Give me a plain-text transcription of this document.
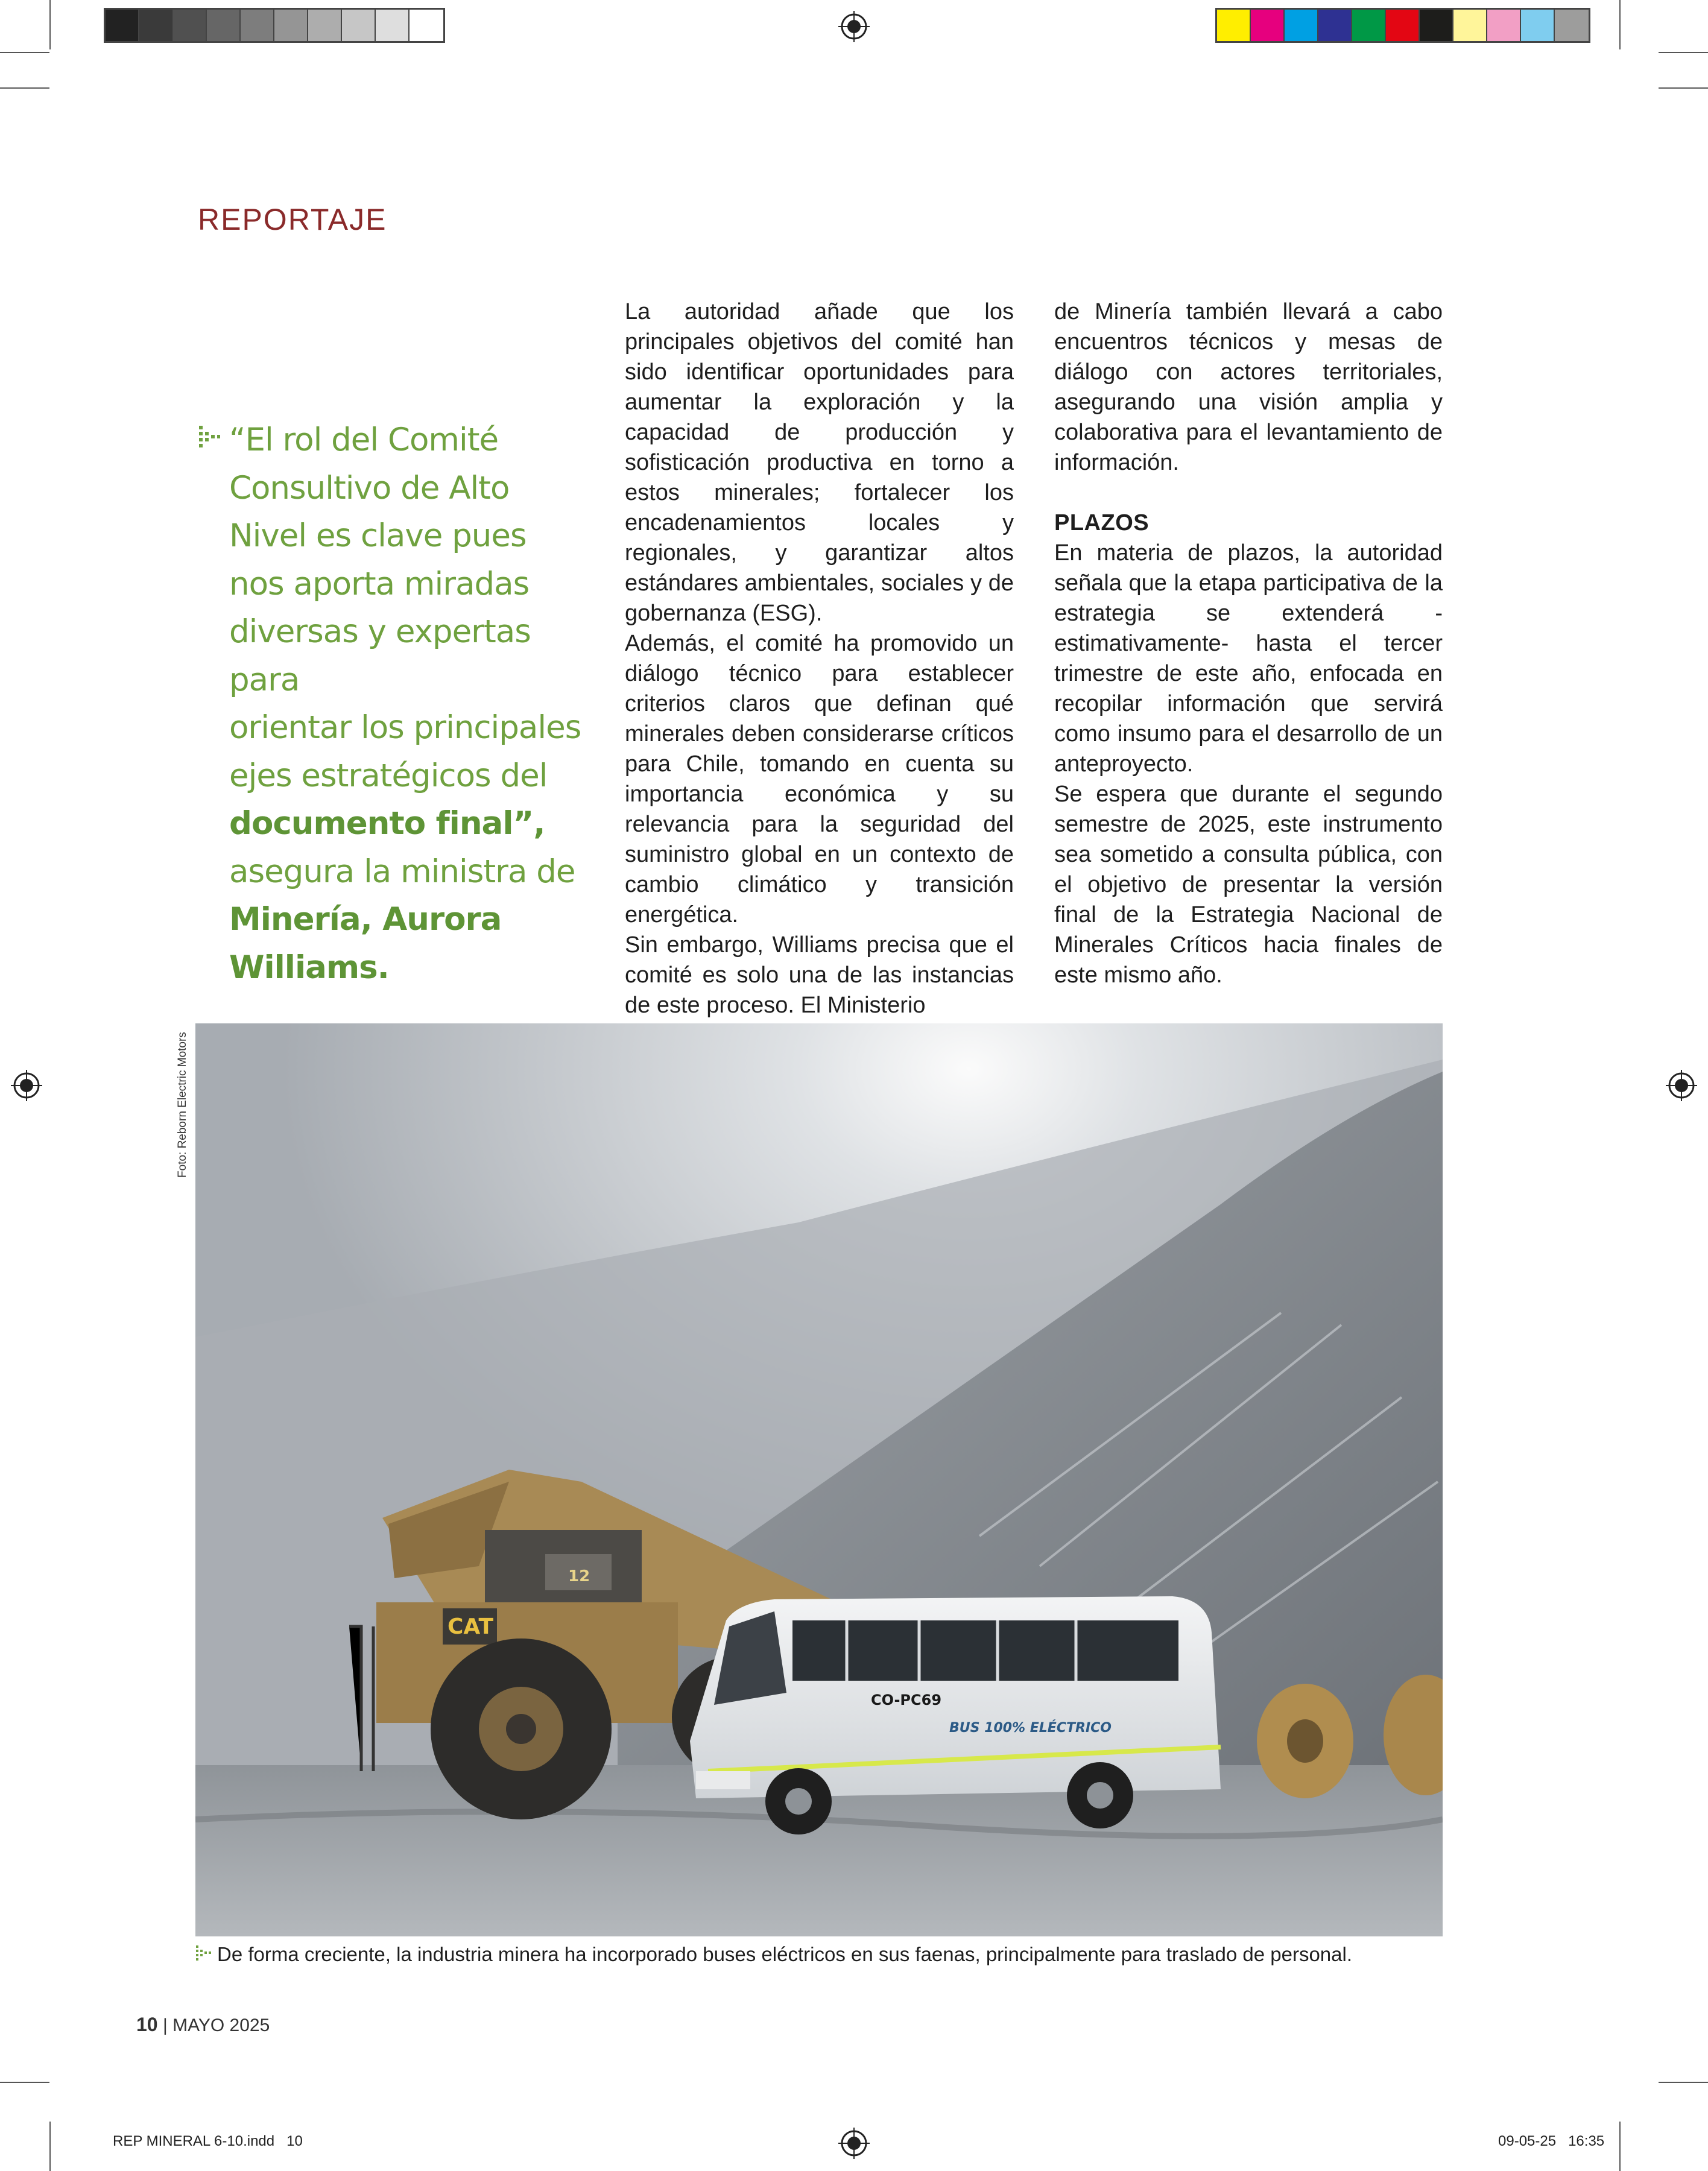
REPORTAJE
“El rol del Comité
Consultivo de Alto
Nivel es clave pues
nos aporta miradas
diversas y expertas para
orientar los principales
ejes estratégicos del
documento final”,
asegura la ministra de
Minería, Aurora Williams.

La autoridad añade que los principales objetivos del comité han sido identificar oportunidades para aumentar la exploración y la capacidad de producción y sofisticación productiva en torno a estos minerales; fortalecer los encadenamientos locales y regionales, y garantizar altos estándares ambientales, sociales y de gobernanza (ESG).

Además, el comité ha promovido un diálogo técnico para establecer criterios claros que definan qué minerales deben considerarse críticos para Chile, tomando en cuenta su importancia económica y su relevancia para la seguridad del suministro global en un contexto de cambio climático y transición energética.

Sin embargo, Williams precisa que el comité es solo una de las instancias de este proceso. El Ministerio

de Minería también llevará a cabo encuentros técnicos y mesas de diálogo con actores territoriales, asegurando una visión amplia y colaborativa para el levantamiento de información.

PLAZOS

En materia de plazos, la autoridad señala que la etapa participativa de la estrategia se extenderá -estimativamente- hasta el tercer trimestre de este año, enfocada en recopilar información que servirá como insumo para el desarrollo de un anteproyecto.

Se espera que durante el segundo semestre de 2025, este instrumento sea sometido a consulta pública, con el objetivo de presentar la versión final de la Estrategia Nacional de Minerales Críticos hacia finales de este mismo año.

Foto: Reborn Electric Motors
12
CAT
CO-PC69
BUS 100% ELÉCTRICO
De forma creciente, la industria minera ha incorporado buses eléctricos en sus faenas, principalmente para traslado de personal.
10 | MAYO 2025
REP MINERAL 6-10.indd   10	09-05-25   16:35
